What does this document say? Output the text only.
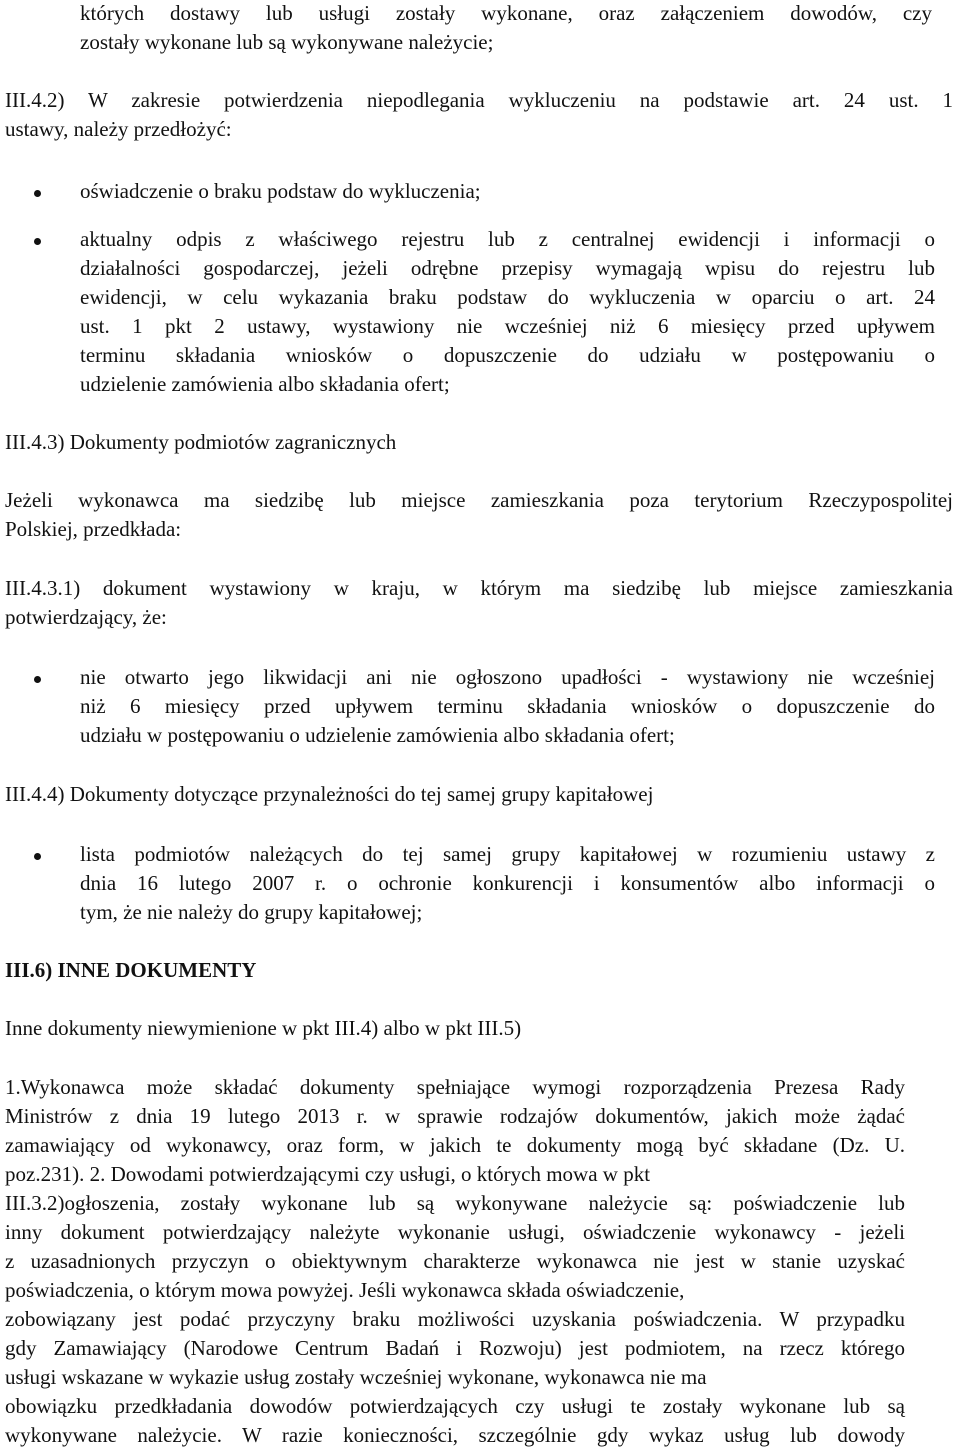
których dostawy lub usługi zostały wykonane, oraz załączeniem dowodów, czy
zostały wykonane lub są wykonywane należycie;
III.4.2) W zakresie potwierdzenia niepodlegania wykluczeniu na podstawie art. 24 ust. 1
ustawy, należy przedłożyć:
oświadczenie o braku podstaw do wykluczenia;
aktualny odpis z właściwego rejestru lub z centralnej ewidencji i informacji o
działalności gospodarczej, jeżeli odrębne przepisy wymagają wpisu do rejestru lub
ewidencji, w celu wykazania braku podstaw do wykluczenia w oparciu o art. 24
ust. 1 pkt 2 ustawy, wystawiony nie wcześniej niż 6 miesięcy przed upływem
terminu składania wniosków o dopuszczenie do udziału w postępowaniu o
udzielenie zamówienia albo składania ofert;
III.4.3) Dokumenty podmiotów zagranicznych
Jeżeli wykonawca ma siedzibę lub miejsce zamieszkania poza terytorium Rzeczypospolitej
Polskiej, przedkłada:
III.4.3.1) dokument wystawiony w kraju, w którym ma siedzibę lub miejsce zamieszkania
potwierdzający, że:
nie otwarto jego likwidacji ani nie ogłoszono upadłości - wystawiony nie wcześniej
niż 6 miesięcy przed upływem terminu składania wniosków o dopuszczenie do
udziału w postępowaniu o udzielenie zamówienia albo składania ofert;
III.4.4) Dokumenty dotyczące przynależności do tej samej grupy kapitałowej
lista podmiotów należących do tej samej grupy kapitałowej w rozumieniu ustawy z
dnia 16 lutego 2007 r. o ochronie konkurencji i konsumentów albo informacji o
tym, że nie należy do grupy kapitałowej;
III.6) INNE DOKUMENTY
Inne dokumenty niewymienione w pkt III.4) albo w pkt III.5)
1.Wykonawca może składać dokumenty spełniające wymogi rozporządzenia Prezesa Rady
Ministrów z dnia 19 lutego 2013 r. w sprawie rodzajów dokumentów, jakich może żądać
zamawiający od wykonawcy, oraz form, w jakich te dokumenty mogą być składane (Dz. U.
poz.231). 2. Dowodami potwierdzającymi czy usługi, o których mowa w pkt
III.3.2)ogłoszenia, zostały wykonane lub są wykonywane należycie są: poświadczenie lub
inny dokument potwierdzający należyte wykonanie usługi, oświadczenie wykonawcy - jeżeli
z uzasadnionych przyczyn o obiektywnym charakterze wykonawca nie jest w stanie uzyskać
poświadczenia, o którym mowa powyżej. Jeśli wykonawca składa oświadczenie,
zobowiązany jest podać przyczyny braku możliwości uzyskania poświadczenia. W przypadku
gdy Zamawiający (Narodowe Centrum Badań i Rozwoju) jest podmiotem, na rzecz którego
usługi wskazane w wykazie usług zostały wcześniej wykonane, wykonawca nie ma
obowiązku przedkładania dowodów potwierdzających czy usługi te zostały wykonane lub są
wykonywane należycie. W razie konieczności, szczególnie gdy wykaz usług lub dowody
